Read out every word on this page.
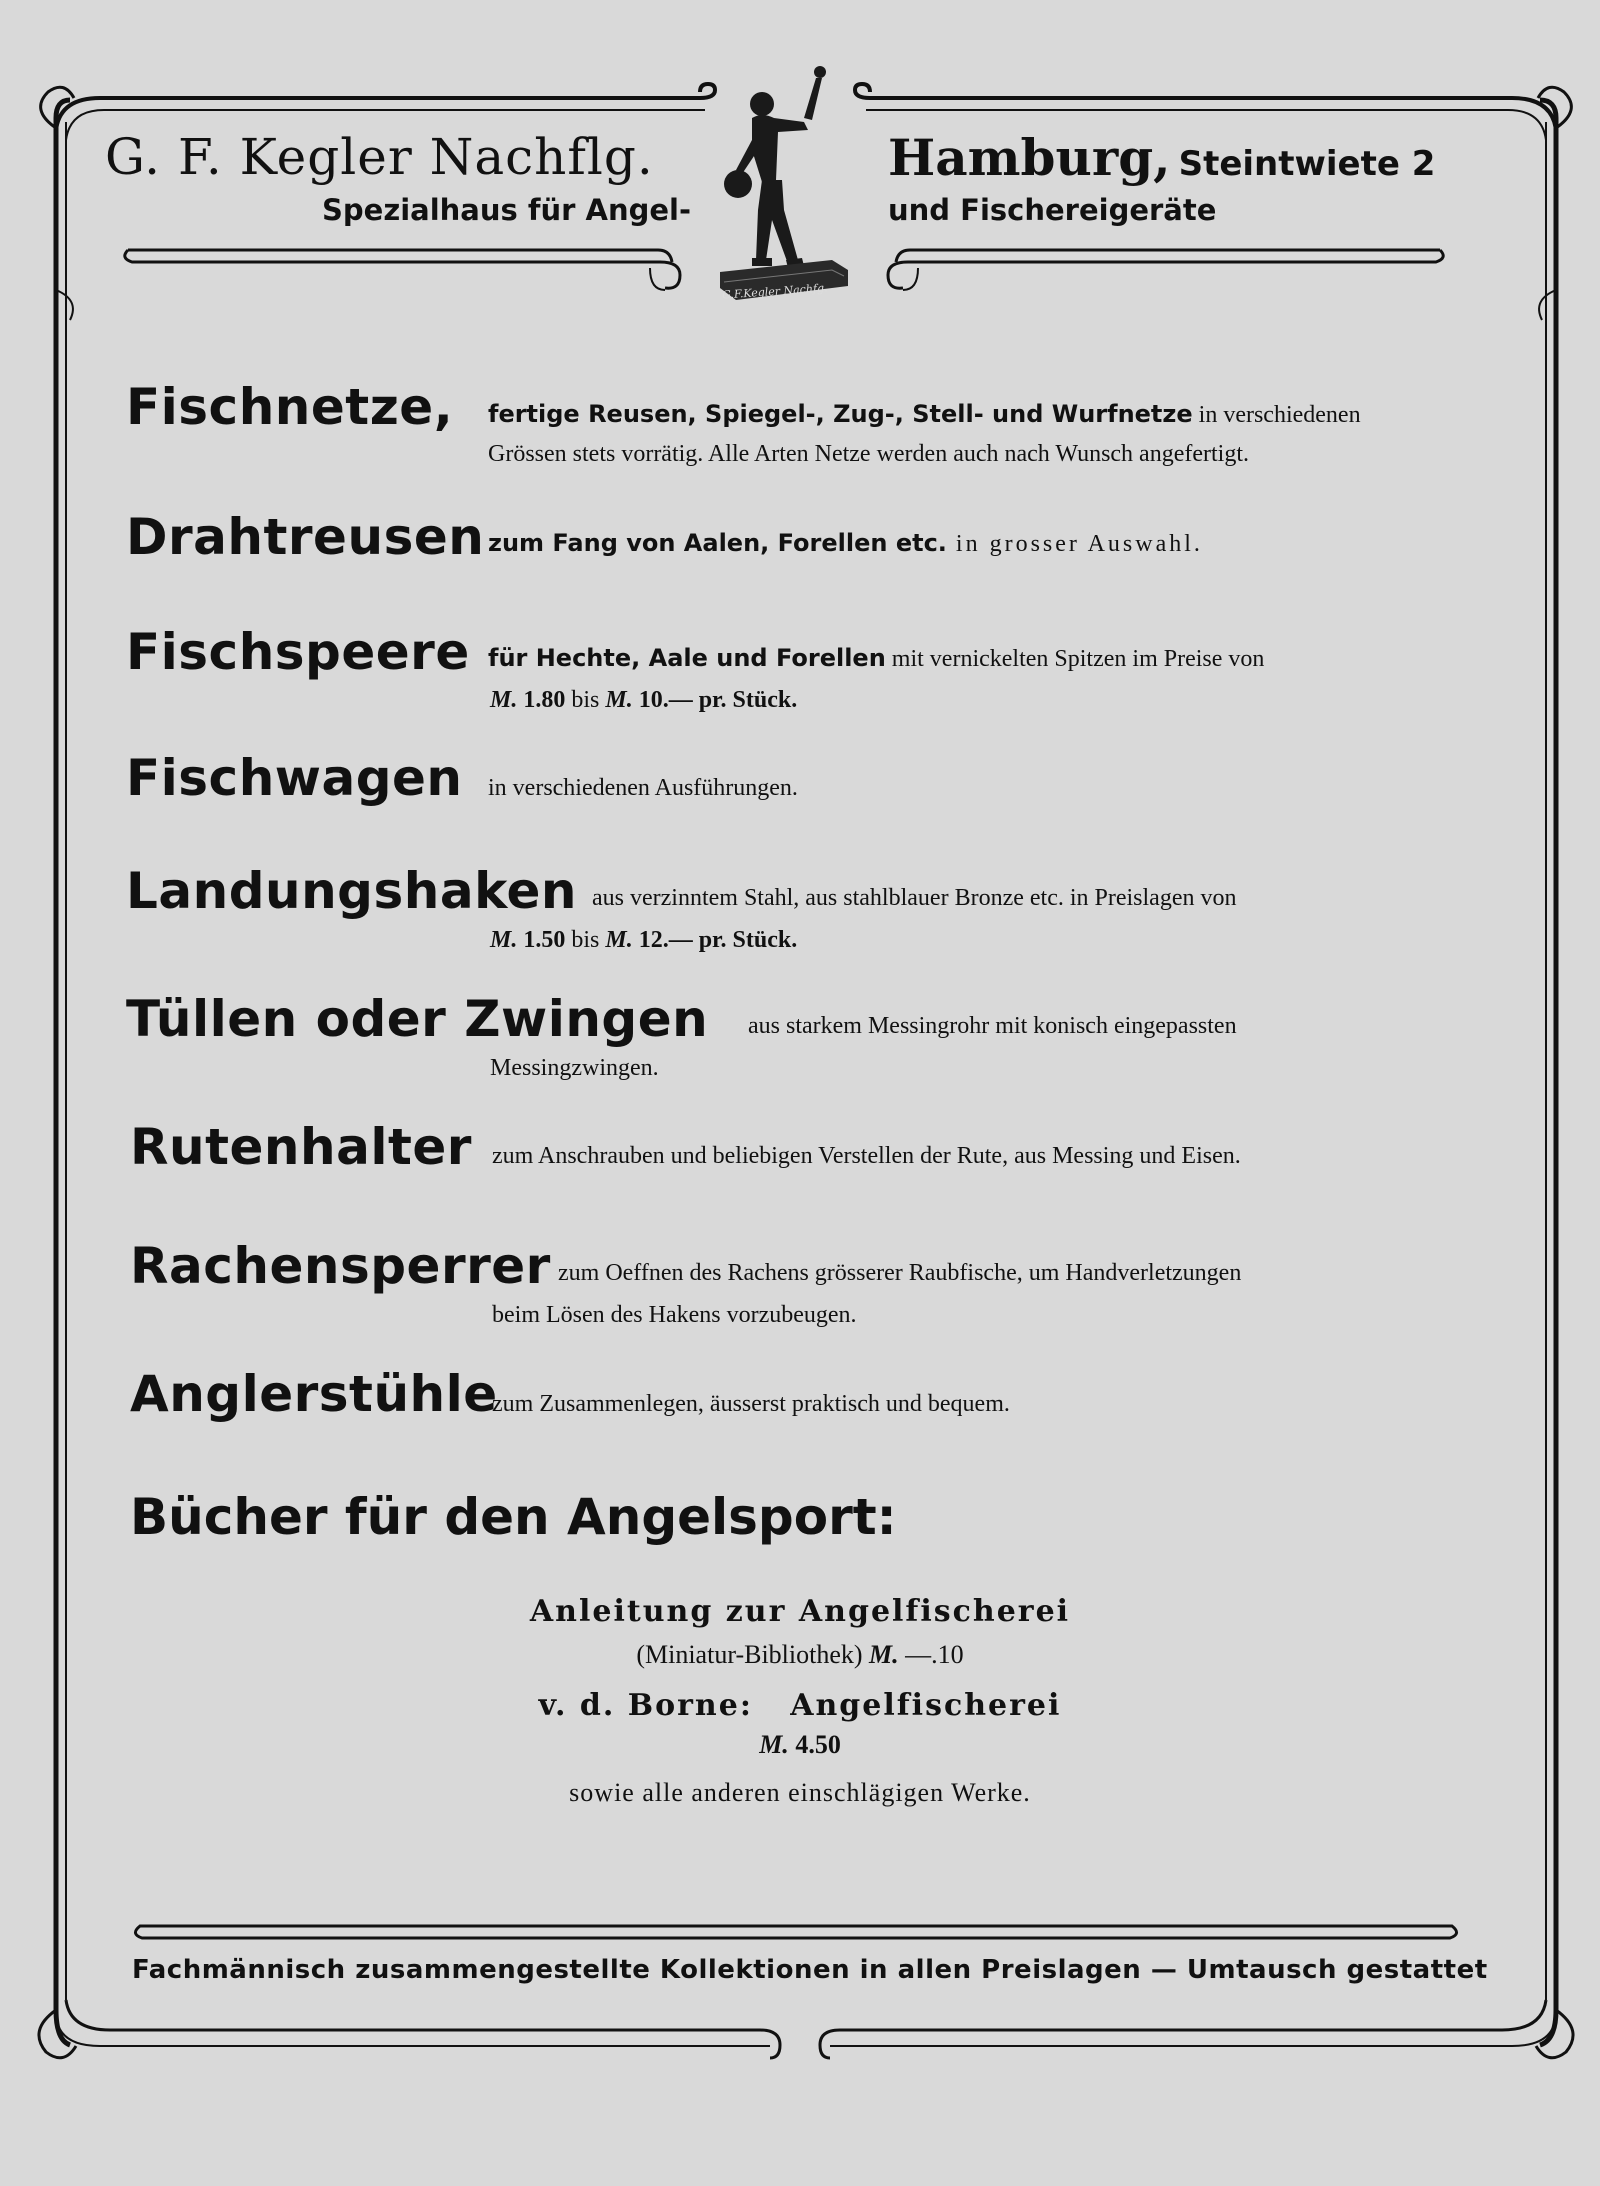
G.F.Kegler Nachfg.
G. F. Kegler Nachflg.
Spezialhaus für Angel-
Hamburg, Steintwiete 2
und Fischereigeräte
Fischnetze, fertige Reusen, Spiegel-, Zug-, Stell- und Wurfnetze in verschiedenen
Grössen stets vorrätig. Alle Arten Netze werden auch nach Wunsch angefertigt.
Drahtreusen zum Fang von Aalen, Forellen etc. in grosser Auswahl.
Fischspeere für Hechte, Aale und Forellen mit vernickelten Spitzen im Preise von
M. 1.80 bis M. 10.— pr. Stück.
Fischwagen in verschiedenen Ausführungen.
Landungshaken aus verzinntem Stahl, aus stahlblauer Bronze etc. in Preislagen von
M. 1.50 bis M. 12.— pr. Stück.
Tüllen oder Zwingen aus starkem Messingrohr mit konisch eingepassten
Messingzwingen.
Rutenhalter zum Anschrauben und beliebigen Verstellen der Rute, aus Messing und Eisen.
Rachensperrer zum Oeffnen des Rachens grösserer Raubfische, um Handverletzungen
beim Lösen des Hakens vorzubeugen.
Anglerstühle
zum Zusammenlegen, äusserst praktisch und bequem.
Bücher für den Angelsport:
Anleitung zur Angelfischerei
(Miniatur-Bibliothek) M. —.10
v. d. Borne:   Angelfischerei
M. 4.50
sowie alle anderen einschlägigen Werke.
Fachmännisch zusammengestellte Kollektionen in allen Preislagen — Umtausch gestattet
